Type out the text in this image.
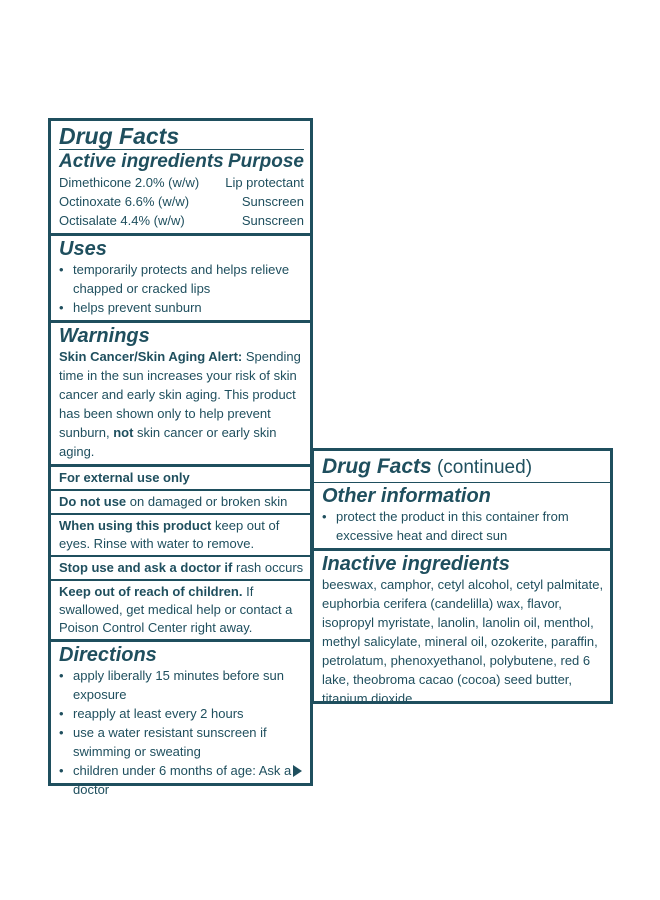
Drug Facts
Active ingredients Purpose
Dimethicone 2.0% (w/w) Lip protectant
Octinoxate 6.6% (w/w)	Sunscreen
Octisalate 4.4% (w/w)	Sunscreen
Uses
• temporarily protects and helps relieve chapped or cracked lips
• helps prevent sunburn
Warnings
Skin Cancer/Skin Aging Alert: Spending time in the sun increases your risk of skin cancer and early skin aging. This product has been shown only to help prevent sunburn, not skin cancer or early skin aging.
For external use only
Do not use on damaged or broken skin
When using this product keep out of eyes. Rinse with water to remove.
Stop use and ask a doctor if rash occurs
Keep out of reach of children. If swallowed, get medical help or contact a Poison Control Center right away.
Directions
• apply liberally 15 minutes before sun exposure
• reapply at least every 2 hours
• use a water resistant sunscreen if swimming or sweating
• children under 6 months of age: Ask a doctor
Drug Facts (continued)
Other information
• protect the product in this container from excessive heat and direct sun
Inactive ingredients
beeswax, camphor, cetyl alcohol, cetyl palmitate, euphorbia cerifera (candelilla) wax, flavor, isopropyl myristate, lanolin, lanolin oil, menthol, methyl salicylate, mineral oil, ozokerite, paraffin, petrolatum, phenoxyethanol, polybutene, red 6 lake, theobroma cacao (cocoa) seed butter, titanium dioxide
